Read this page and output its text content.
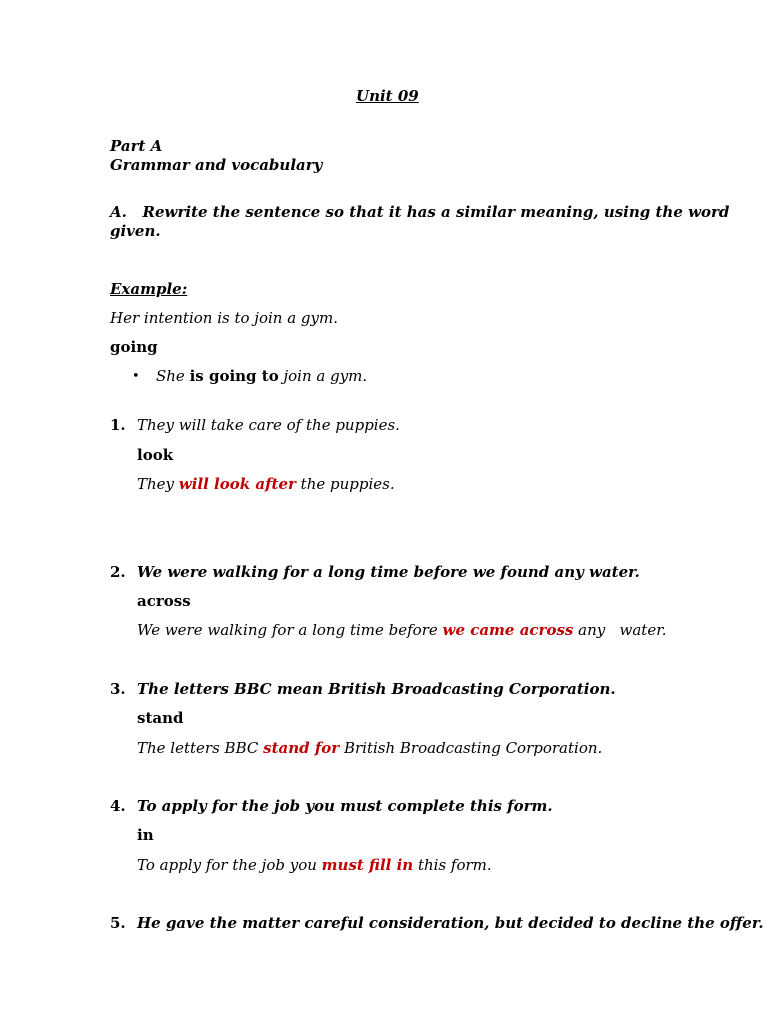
Unit 09
Part A
Grammar and vocabulary
A. Rewrite the sentence so that it has a similar meaning, using the word
given.
Example:
Her intention is to join a gym.
going
• She is going to join a gym.
1. They will take care of the puppies.
look
They will look after the puppies.
2. We were walking for a long time before we found any water.
across
We were walking for a long time before we came across any   water.
3. The letters BBC mean British Broadcasting Corporation.
stand
The letters BBC stand for British Broadcasting Corporation.
4. To apply for the job you must complete this form.
in
To apply for the job you must fill in this form.
5. He gave the matter careful consideration, but decided to decline the offer.
